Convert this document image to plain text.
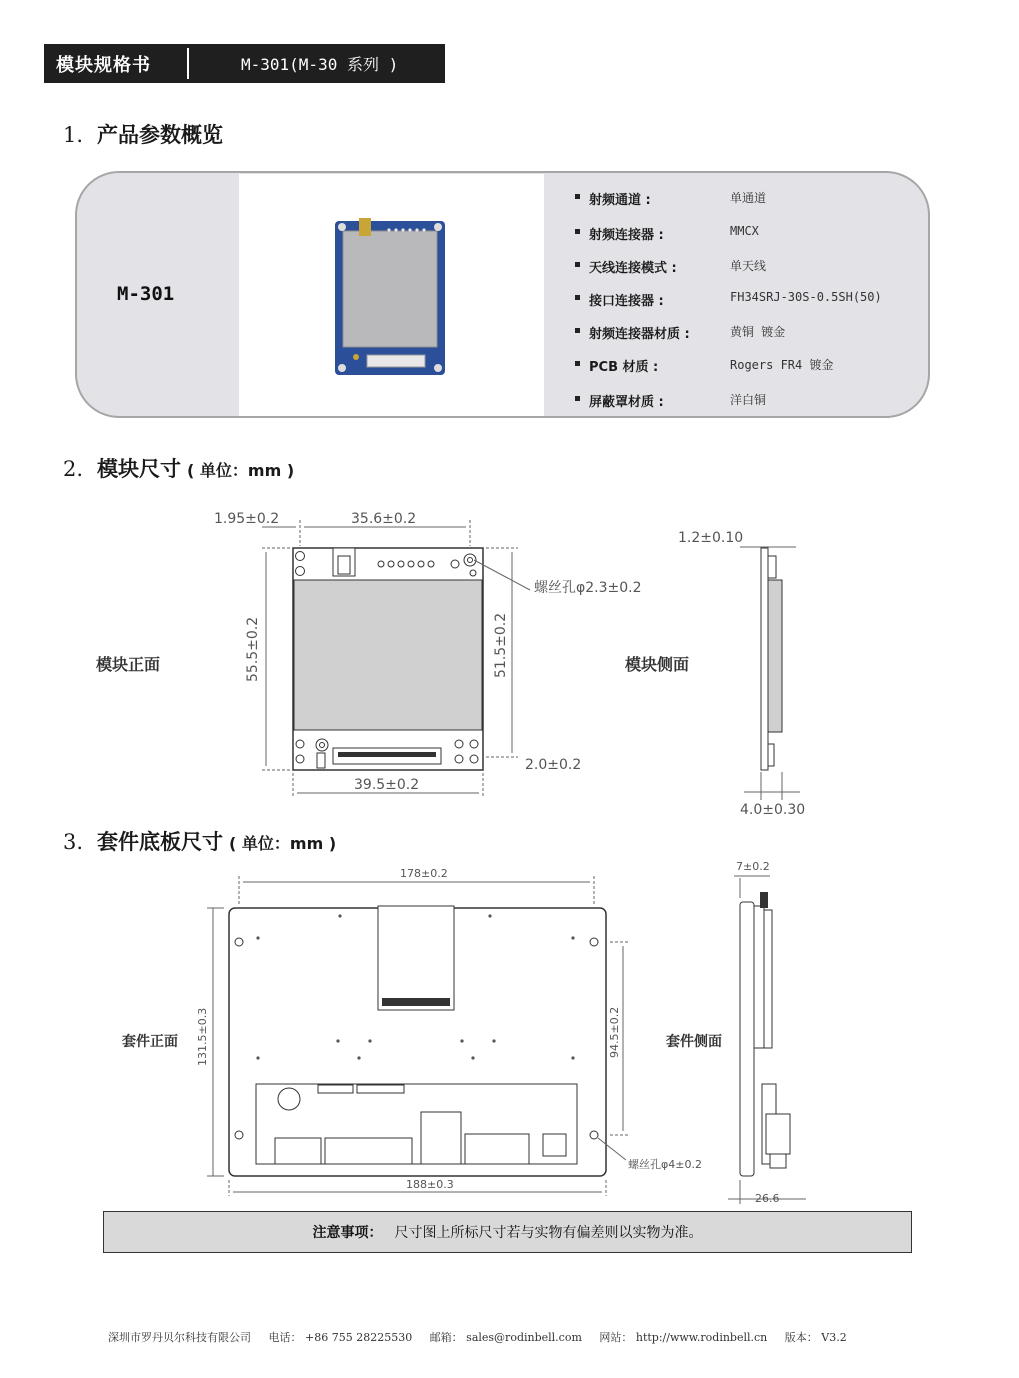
模块规格书	M-301(M-30 系列 )
1. 产品参数概览
M-301
射频通道 :	单通道
射频连接器 :	MMCX
天线连接模式 :	单天线
接口连接器 :	FH34SRJ-30S-0.5SH(50)
射频连接器材质 :	黄铜 镀金
PCB 材质 :	Rogers FR4 镀金
屏蔽罩材质 :	洋白铜
2. 模块尺寸 ( 单位：mm )
1.95±0.2	35.6±0.2
螺丝孔φ2.3±0.2
55.5±0.2	51.5±0.2
2.0±0.2
39.5±0.2
模块正面
1.2±0.10
4.0±0.30
模块侧面
3. 套件底板尺寸 ( 单位：mm )
178±0.2
131.5±0.3	94.5±0.2
螺丝孔φ4±0.2
188±0.3
套件正面
7±0.2
26.6
套件侧面
注意事项： 尺寸图上所标尺寸若与实物有偏差则以实物为准。
深圳市罗丹贝尔科技有限公司 电话： +86 755 28225530 邮箱： sales@rodinbell.com 网站： http://www.rodinbell.cn 版本： V3.2
